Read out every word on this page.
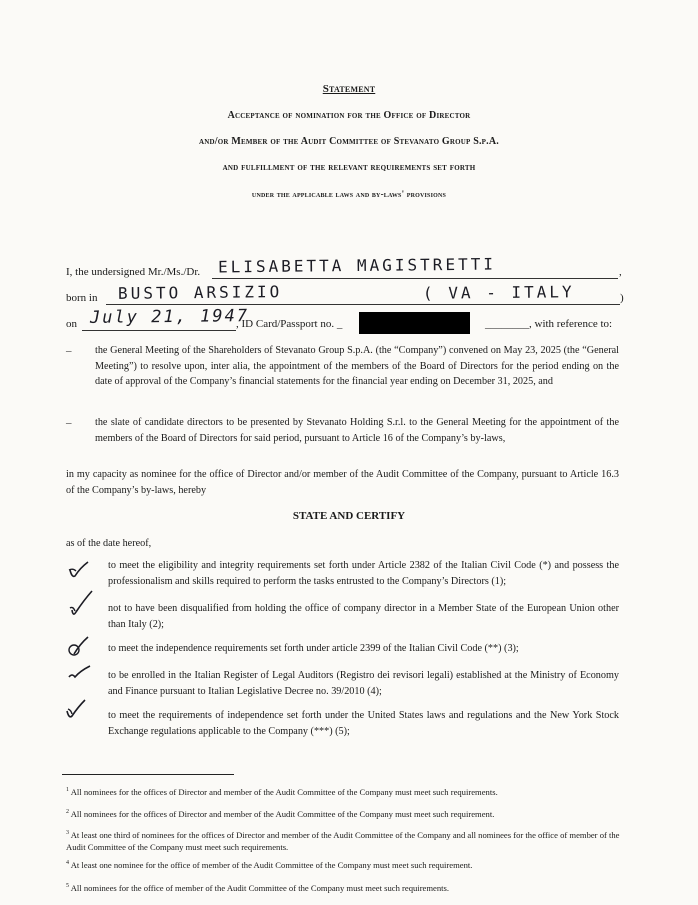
Statement
Acceptance of nomination for the Office of Director
and/or Member of the Audit Committee of Stevanato Group S.p.A.
and fulfillment of the relevant requirements set forth
under the applicable laws and by-laws' provisions
I, the undersigned Mr./Ms./Dr.	,
ELISABETTA MAGISTRETTI
born in	)
BUSTO ARSIZIO	( VA - ITALY
on July 21, 1947
, ID Card/Passport no. _	________, with reference to:
– the General Meeting of the Shareholders of Stevanato Group S.p.A. (the “Company”) convened on May 23, 2025 (the “General Meeting”) to resolve upon, inter alia, the appointment of the members of the Board of Directors for the period ending on the date of approval of the Company’s financial statements for the financial year ending on December 31, 2025, and
– the slate of candidate directors to be presented by Stevanato Holding S.r.l. to the General Meeting for the appointment of the members of the Board of Directors for said period, pursuant to Article 16 of the Company’s by-laws,
in my capacity as nominee for the office of Director and/or member of the Audit Committee of the Company, pursuant to Article 16.3 of the Company’s by-laws, hereby
STATE AND CERTIFY
as of the date hereof,
to meet the eligibility and integrity requirements set forth under Article 2382 of the Italian Civil Code (*) and possess the professionalism and skills required to perform the tasks entrusted to the Company’s Directors (1);
not to have been disqualified from holding the office of company director in a Member State of the European Union other than Italy (2);
to meet the independence requirements set forth under article 2399 of the Italian Civil Code (**) (3);
to be enrolled in the Italian Register of Legal Auditors (Registro dei revisori legali) established at the Ministry of Economy and Finance pursuant to Italian Legislative Decree no. 39/2010 (4);
to meet the requirements of independence set forth under the United States laws and regulations and the New York Stock Exchange regulations applicable to the Company (***) (5);
$^1$ All nominees for the offices of Director and member of the Audit Committee of the Company must meet such requirements.
$^2$ All nominees for the offices of Director and member of the Audit Committee of the Company must meet such requirement.
$^3$ At least one third of nominees for the offices of Director and member of the Audit Committee of the Company and all nominees for the office of member of the Audit Committee of the Company must meet such requirements.
$^4$ At least one nominee for the office of member of the Audit Committee of the Company must meet such requirement.
$^5$ All nominees for the office of member of the Audit Committee of the Company must meet such requirements.
